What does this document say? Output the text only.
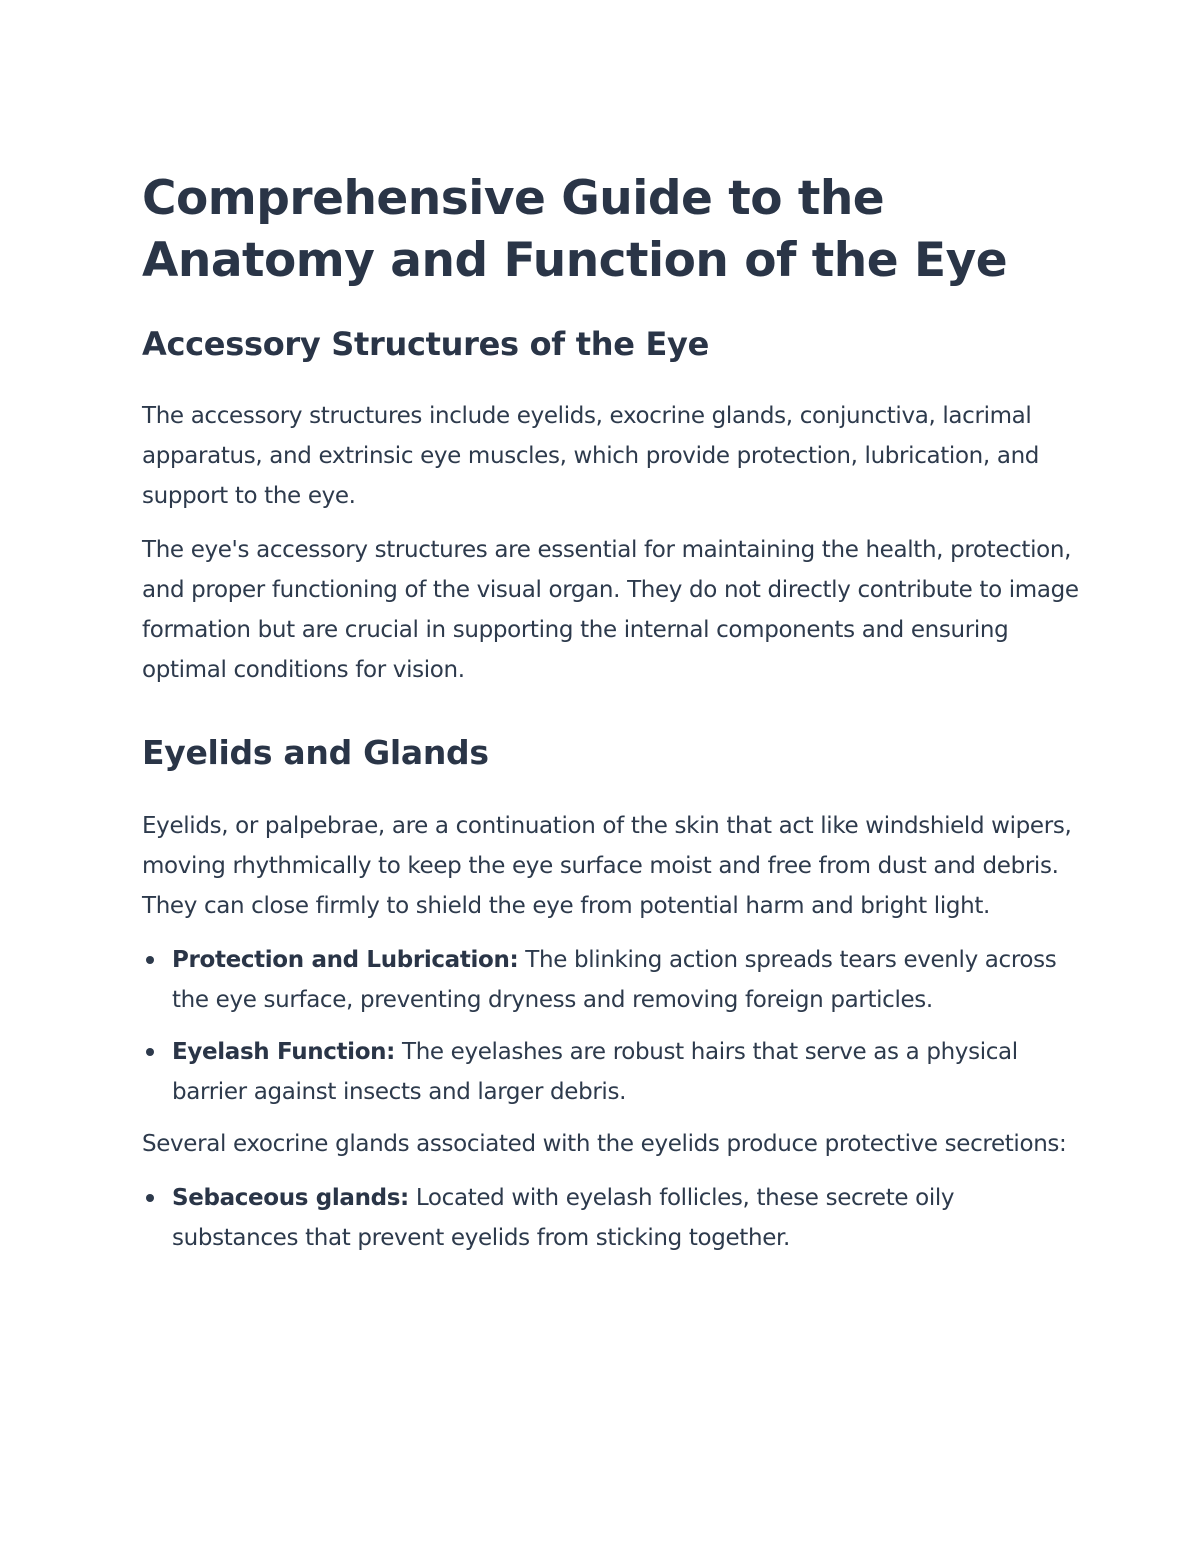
Comprehensive Guide to the Anatomy and Function of the Eye
Accessory Structures of the Eye

The accessory structures include eyelids, exocrine glands, conjunctiva, lacrimal apparatus, and extrinsic eye muscles, which provide protection, lubrication, and support to the eye.

The eye's accessory structures are essential for maintaining the health, protection, and proper functioning of the visual organ. They do not directly contribute to image formation but are crucial in supporting the internal components and ensuring optimal conditions for vision.

Eyelids and Glands

Eyelids, or palpebrae, are a continuation of the skin that act like windshield wipers, moving rhythmically to keep the eye surface moist and free from dust and debris. They can close firmly to shield the eye from potential harm and bright light.

Protection and Lubrication: The blinking action spreads tears evenly across the eye surface, preventing dryness and removing foreign particles.
Eyelash Function: The eyelashes are robust hairs that serve as a physical barrier against insects and larger debris.

Several exocrine glands associated with the eyelids produce protective secretions:

Sebaceous glands: Located with eyelash follicles, these secrete oily substances that prevent eyelids from sticking together.
